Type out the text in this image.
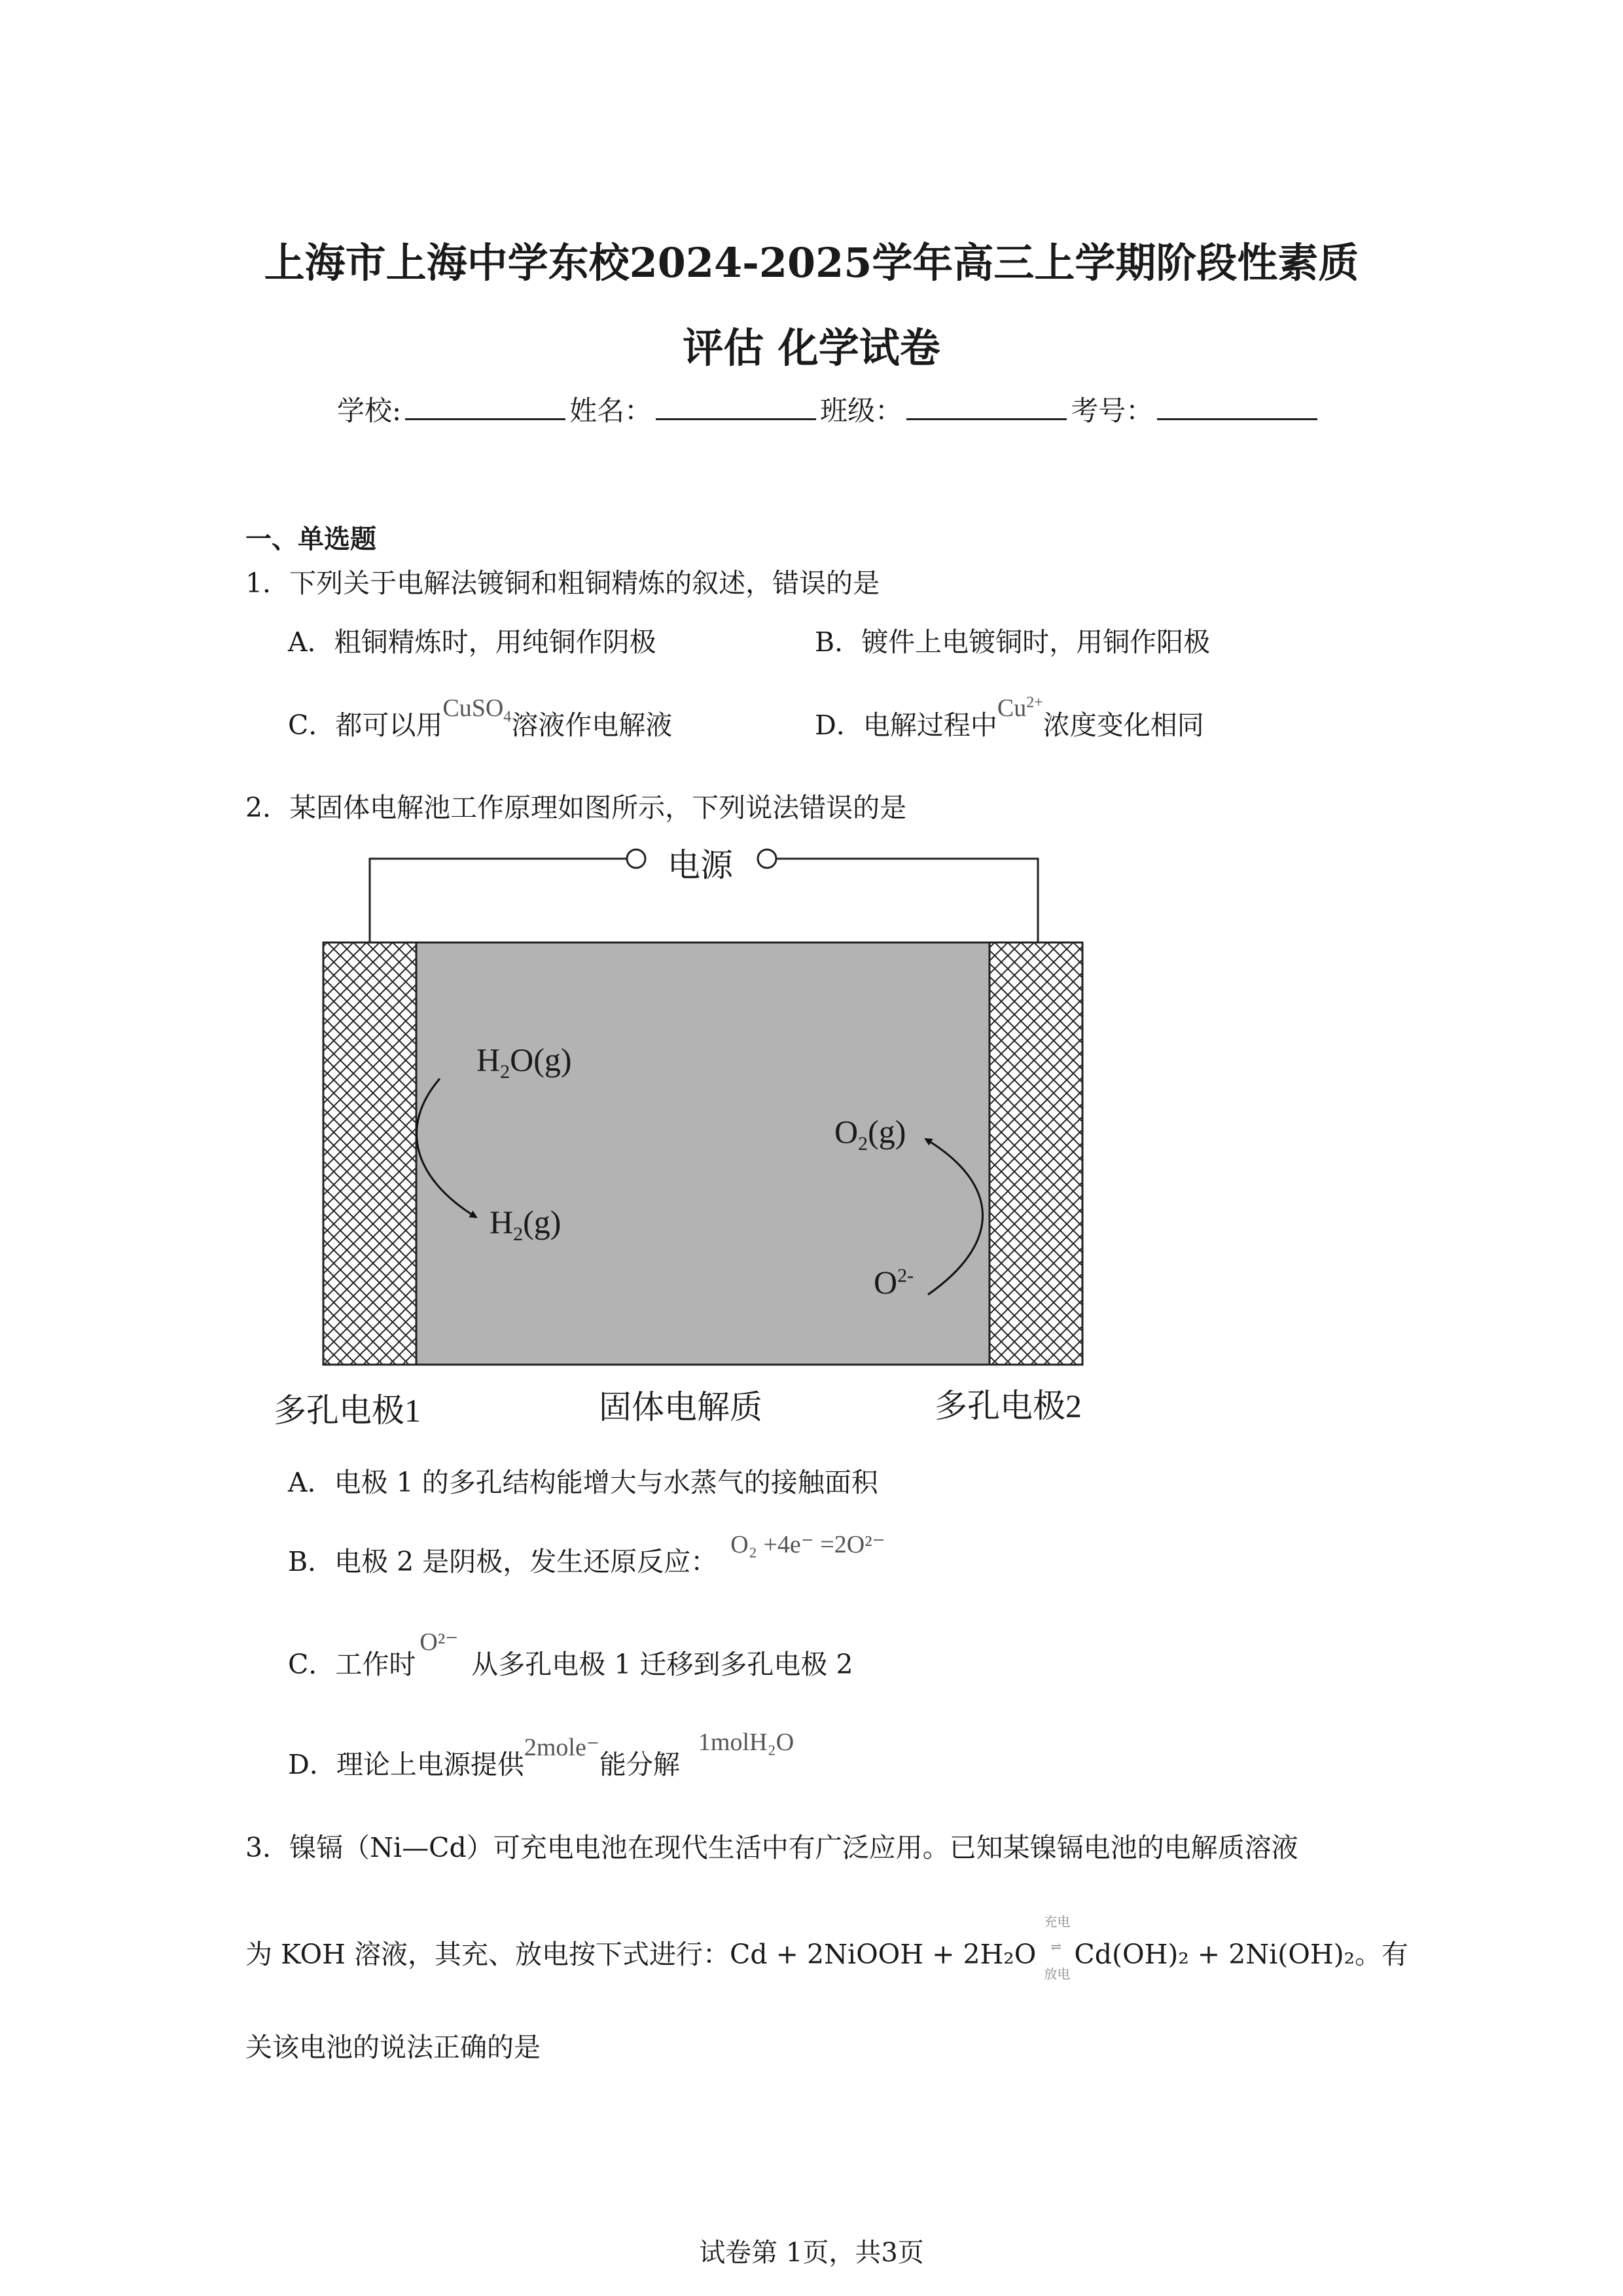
上海市上海中学东校2024-2025学年高三上学期阶段性素质
评估 化学试卷
学校:	姓名：	班级：	考号：
一、单选题
1．下列关于电解法镀铜和粗铜精炼的叙述，错误的是
A．粗铜精炼时，用纯铜作阴极	B．镀件上电镀铜时，用铜作阳极
C．都可以用CuSO$_4$溶液作电解液	D．电解过程中$Cu^{2+}$浓度变化相同
2．某固体电解池工作原理如图所示，下列说法错误的是
电源
$H_2O(g)$
$H_2(g)$
$O_2(g)$
$O^{2-}$
多孔电极1	固体电解质	多孔电极2
A．电极 1 的多孔结构能增大与水蒸气的接触面积
B．电极 2 是阴极，发生还原反应：O₂ +4e⁻ =2O²⁻
C．工作时O²⁻从多孔电极 1 迁移到多孔电极 2
D．理论上电源提供2mole⁻能分解1molH₂O
3．镍镉（Ni—Cd）可充电电池在现代生活中有广泛应用。已知某镍镉电池的电解质溶液
为 KOH 溶液，其充、放电按下式进行：Cd + 2NiOOH + 2H₂O
充电
⇌
放电
Cd(OH)₂ + 2Ni(OH)₂。有
关该电池的说法正确的是
试卷第 1页，共3页
